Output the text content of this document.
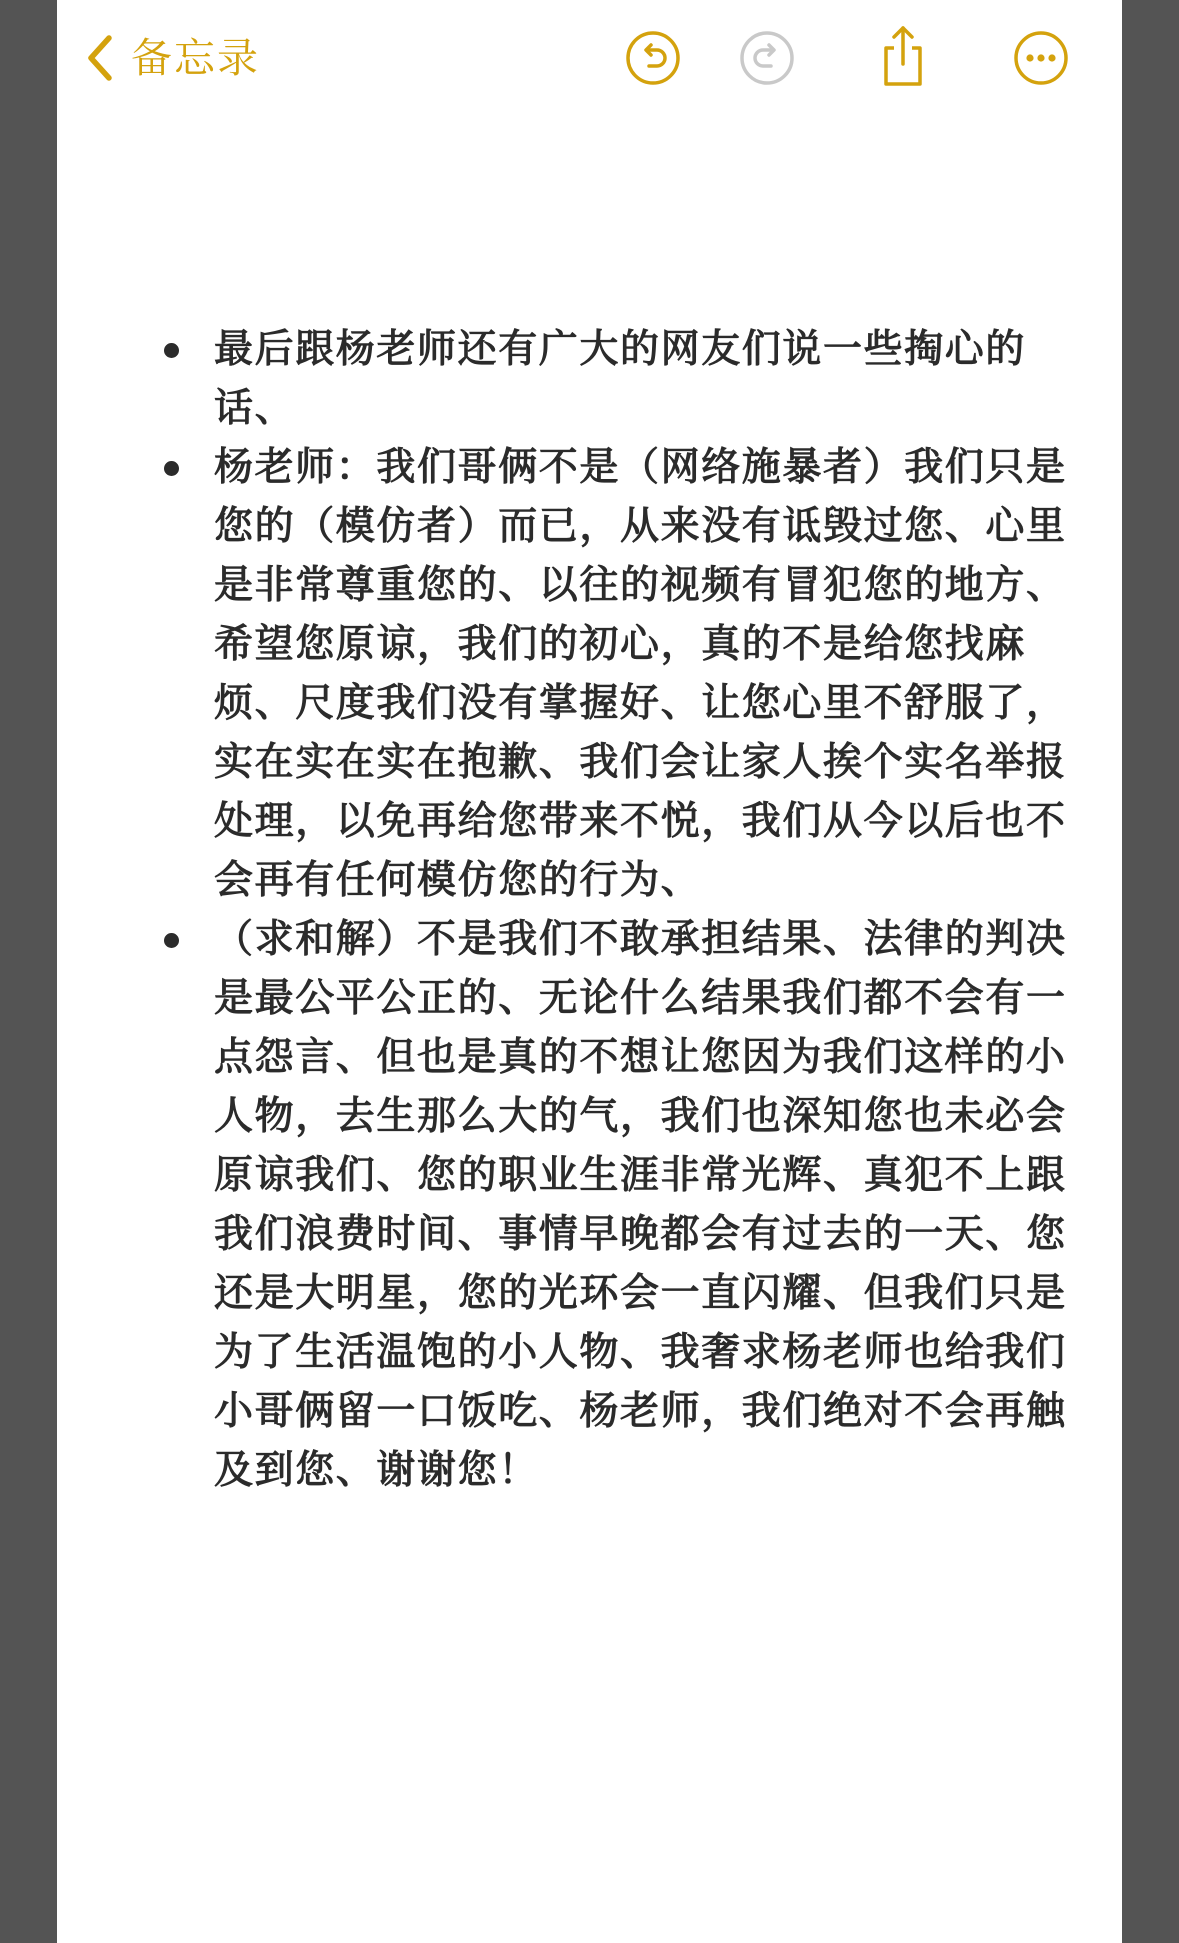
备忘录
最后跟杨老师还有广大的网友们说一些掏心的话、
杨老师：我们哥俩不是（网络施暴者）我们只是您的（模仿者）而已，从来没有诋毁过您、心里是非常尊重您的、以往的视频有冒犯您的地方、希望您原谅，我们的初心，真的不是给您找麻烦、尺度我们没有掌握好、让您心里不舒服了，实在实在实在抱歉、我们会让家人挨个实名举报处理，以免再给您带来不悦，我们从今以后也不会再有任何模仿您的行为、
（求和解）不是我们不敢承担结果、法律的判决是最公平公正的、无论什么结果我们都不会有一点怨言、但也是真的不想让您因为我们这样的小人物，去生那么大的气，我们也深知您也未必会原谅我们、您的职业生涯非常光辉、真犯不上跟我们浪费时间、事情早晚都会有过去的一天、您还是大明星，您的光环会一直闪耀、但我们只是为了生活温饱的小人物、我奢求杨老师也给我们小哥俩留一口饭吃、杨老师，我们绝对不会再触及到您、谢谢您！
